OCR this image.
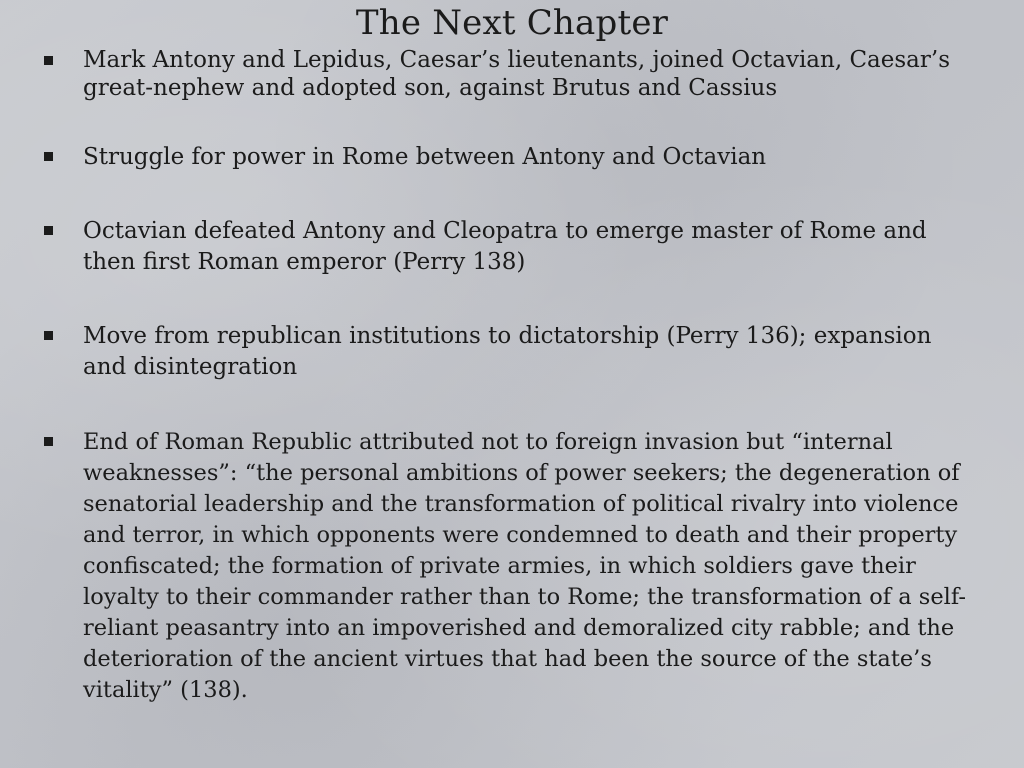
The Next Chapter
Mark Antony and Lepidus, Caesar’s lieutenants, joined Octavian, Caesar’s great-nephew and adopted son, against Brutus and Cassius
Struggle for power in Rome between Antony and Octavian
Octavian defeated Antony and Cleopatra to emerge master of Rome and then first Roman emperor (Perry 138)
Move from republican institutions to dictatorship (Perry 136); expansion and disintegration
End of Roman Republic attributed not to foreign invasion but “internal weaknesses”: “the personal ambitions of power seekers; the degeneration of senatorial leadership and the transformation of political rivalry into violence and terror, in which opponents were condemned to death and their property confiscated; the formation of private armies, in which soldiers gave their loyalty to their commander rather than to Rome; the transformation of a self-reliant peasantry into an impoverished and demoralized city rabble; and the deterioration of the ancient virtues that had been the source of the state’s vitality” (138).
